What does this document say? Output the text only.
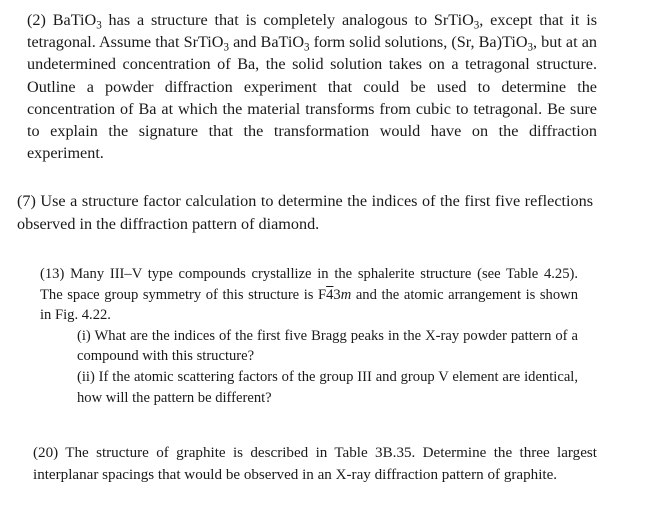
(2) BaTiO$_3$ has a structure that is completely analogous to SrTiO$_3$, except that it is tetragonal. Assume that SrTiO$_3$ and BaTiO$_3$ form solid solutions, (Sr, Ba)TiO$_3$, but at an undetermined concentration of Ba, the solid solution takes on a tetragonal structure. Outline a powder diffraction experiment that could be used to determine the concentration of Ba at which the material transforms from cubic to tetragonal. Be sure to explain the signature that the transformation would have on the diffraction experiment.

(7) Use a structure factor calculation to determine the indices of the first five reflections observed in the diffraction pattern of diamond.

(13) Many III–V type compounds crystallize in the sphalerite structure (see Table 4.25). The space group symmetry of this structure is F43m and the atomic arrangement is shown in Fig. 4.22.
(i) What are the indices of the first five Bragg peaks in the X-ray powder pattern of a compound with this structure?
(ii) If the atomic scattering factors of the group III and group V element are identical, how will the pattern be different?

(20) The structure of graphite is described in Table 3B.35. Determine the three largest interplanar spacings that would be observed in an X-ray diffraction pattern of graphite.
